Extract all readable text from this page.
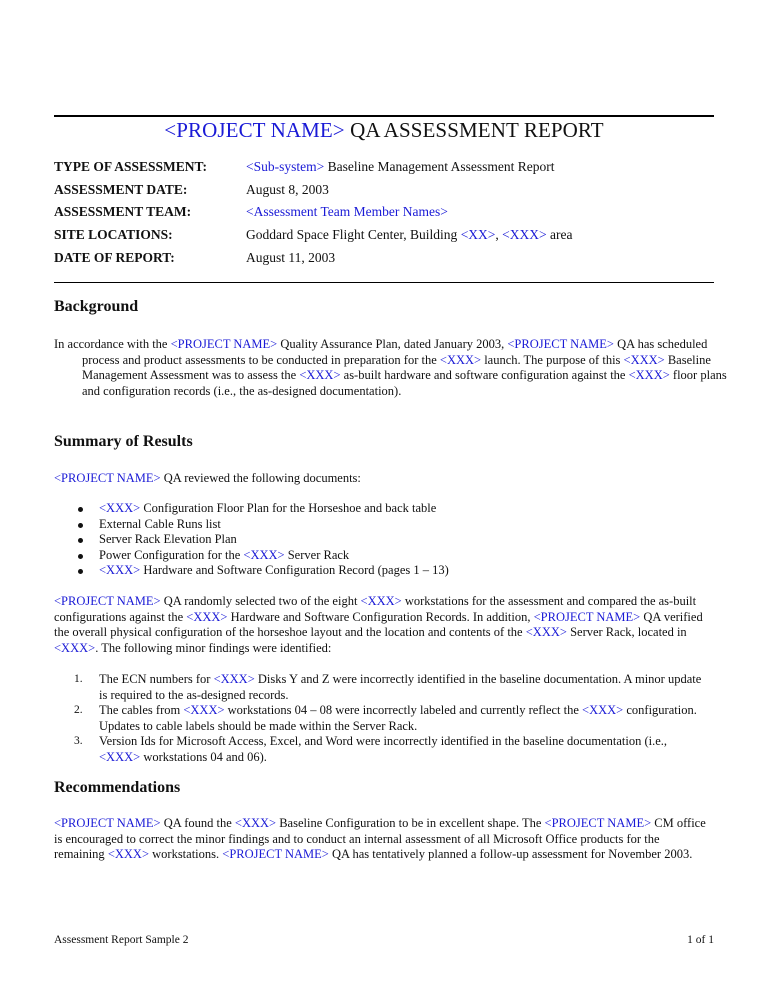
<PROJECT NAME> QA ASSESSMENT REPORT
TYPE OF ASSESSMENT:	<Sub-system> Baseline Management Assessment Report
ASSESSMENT DATE:	August 8, 2003
ASSESSMENT TEAM:	<Assessment Team Member Names>
SITE LOCATIONS:	Goddard Space Flight Center, Building <XX>, <XXX> area
DATE OF REPORT:	August 11, 2003
Background
In accordance with the <PROJECT NAME> Quality Assurance Plan, dated January 2003, <PROJECT NAME> QA has scheduled process and product assessments to be conducted in preparation for the <XXX> launch. The purpose of this <XXX> Baseline Management Assessment was to assess the <XXX> as-built hardware and software configuration against the <XXX> floor plans and configuration records (i.e., the as-designed documentation).
Summary of Results
<PROJECT NAME> QA reviewed the following documents:
<XXX> Configuration Floor Plan for the Horseshoe and back table
External Cable Runs list
Server Rack Elevation Plan
Power Configuration for the <XXX> Server Rack
<XXX> Hardware and Software Configuration Record (pages 1 – 13)
<PROJECT NAME> QA randomly selected two of the eight <XXX> workstations for the assessment and compared the as-built configurations against the <XXX> Hardware and Software Configuration Records. In addition, <PROJECT NAME> QA verified the overall physical configuration of the horseshoe layout and the location and contents of the <XXX> Server Rack, located in <XXX>. The following minor findings were identified:
1. The ECN numbers for <XXX> Disks Y and Z were incorrectly identified in the baseline documentation. A minor update is required to the as-designed records.
2. The cables from <XXX> workstations 04 – 08 were incorrectly labeled and currently reflect the <XXX> configuration. Updates to cable labels should be made within the Server Rack.
3. Version Ids for Microsoft Access, Excel, and Word were incorrectly identified in the baseline documentation (i.e., <XXX> workstations 04 and 06).
Recommendations
<PROJECT NAME> QA found the <XXX> Baseline Configuration to be in excellent shape. The <PROJECT NAME> CM office is encouraged to correct the minor findings and to conduct an internal assessment of all Microsoft Office products for the remaining <XXX> workstations. <PROJECT NAME> QA has tentatively planned a follow-up assessment for November 2003.
Assessment Report Sample 2	1 of 1
